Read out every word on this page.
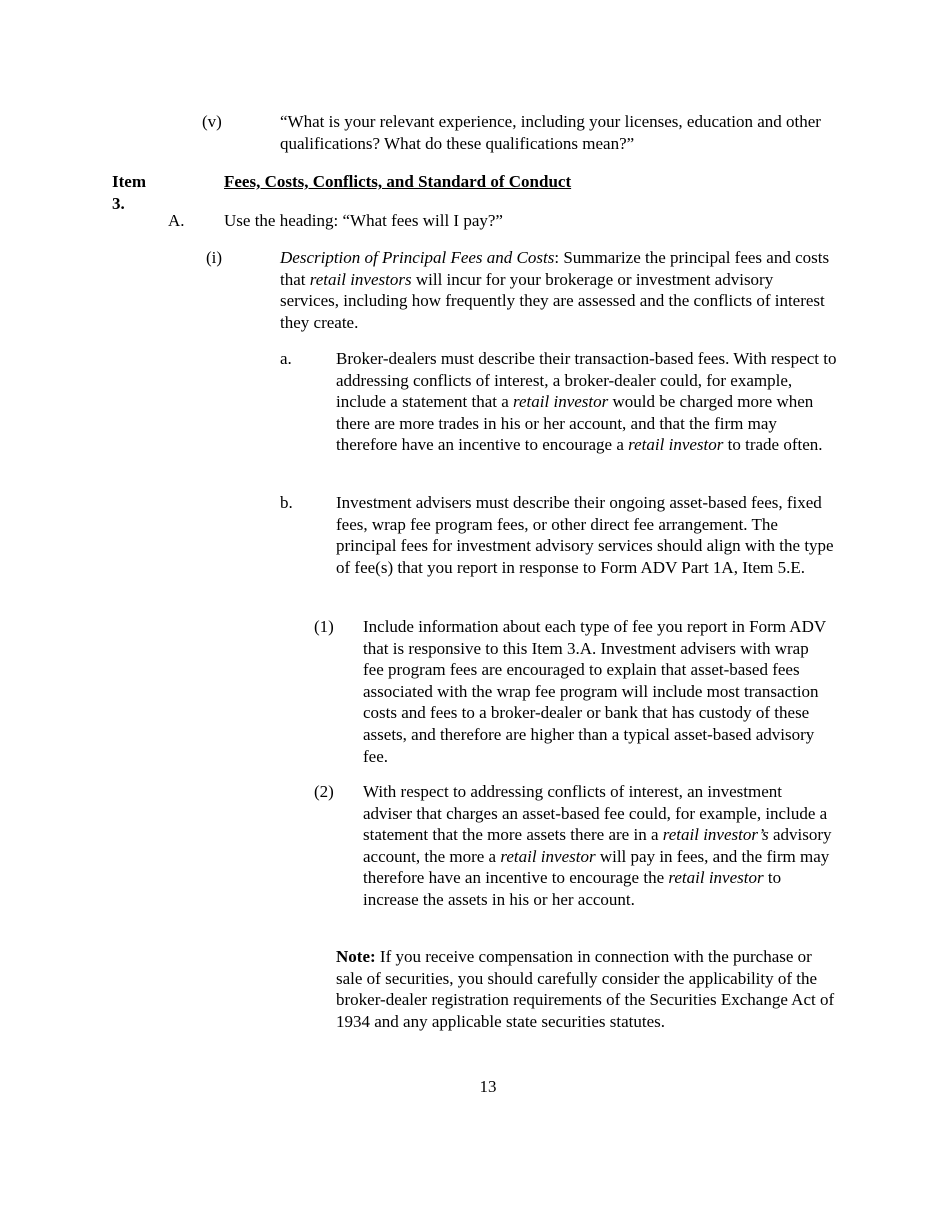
(v)	“What is your relevant experience, including your licenses, education and other qualifications? What do these qualifications mean?”
Item 3.
Fees, Costs, Conflicts, and Standard of Conduct
A. Use the heading: “What fees will I pay?”
(i)	Description of Principal Fees and Costs: Summarize the principal fees and costs that retail investors will incur for your brokerage or investment advisory services, including how frequently they are assessed and the conflicts of interest they create.
a.	Broker-dealers must describe their transaction-based fees. With respect to addressing conflicts of interest, a broker-dealer could, for example, include a statement that a retail investor would be charged more when there are more trades in his or her account, and that the firm may therefore have an incentive to encourage a retail investor to trade often.
b.	Investment advisers must describe their ongoing asset-based fees, fixed fees, wrap fee program fees, or other direct fee arrangement. The principal fees for investment advisory services should align with the type of fee(s) that you report in response to Form ADV Part 1A, Item 5.E.
(1) Include information about each type of fee you report in Form ADV that is responsive to this Item 3.A. Investment advisers with wrap fee program fees are encouraged to explain that asset-based fees associated with the wrap fee program will include most transaction costs and fees to a broker-dealer or bank that has custody of these assets, and therefore are higher than a typical asset-based advisory fee.
(2) With respect to addressing conflicts of interest, an investment adviser that charges an asset-based fee could, for example, include a statement that the more assets there are in a retail investor’s advisory account, the more a retail investor will pay in fees, and the firm may therefore have an incentive to encourage the retail investor to increase the assets in his or her account.
Note: If you receive compensation in connection with the purchase or sale of securities, you should carefully consider the applicability of the broker-dealer registration requirements of the Securities Exchange Act of 1934 and any applicable state securities statutes.
13
